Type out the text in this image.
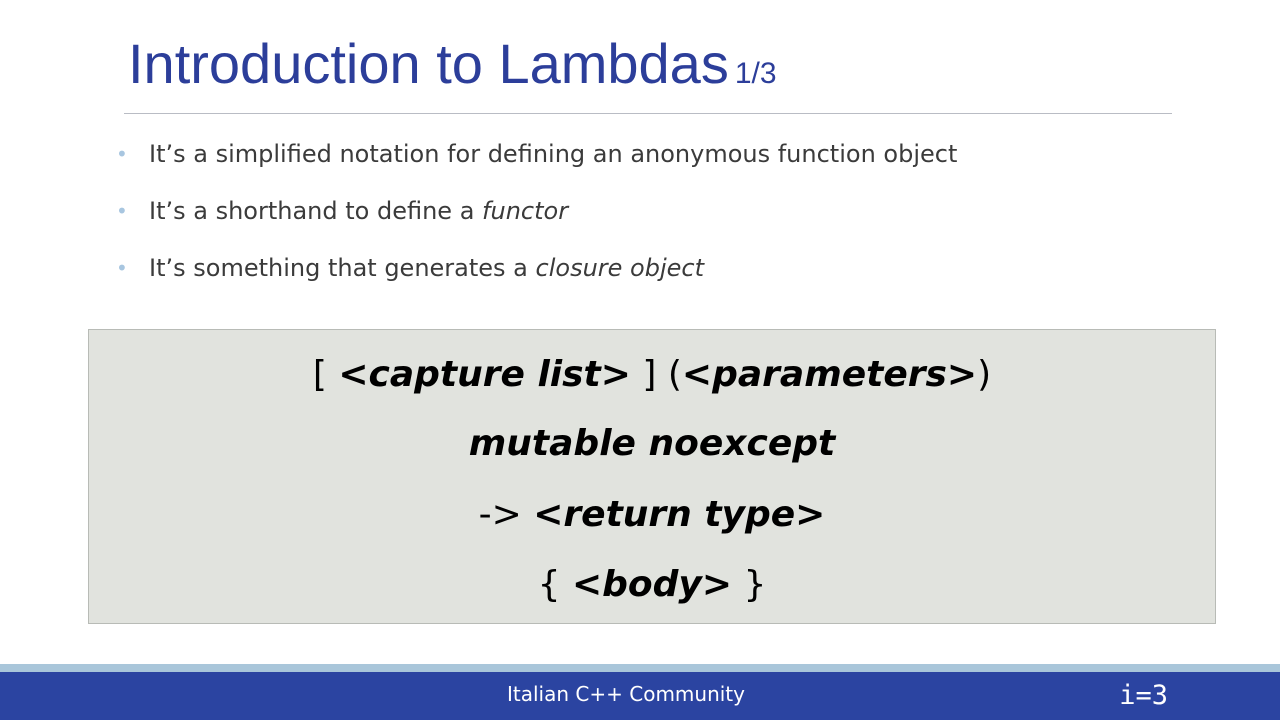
Introduction to Lambdas 1/3
• It’s a simplified notation for defining an anonymous function object
• It’s a shorthand to define a functor
• It’s something that generates a closure object
[ <capture list> ] (<parameters>)
mutable noexcept
-> <return type>
{ <body> }
Italian C++ Community	i=3
